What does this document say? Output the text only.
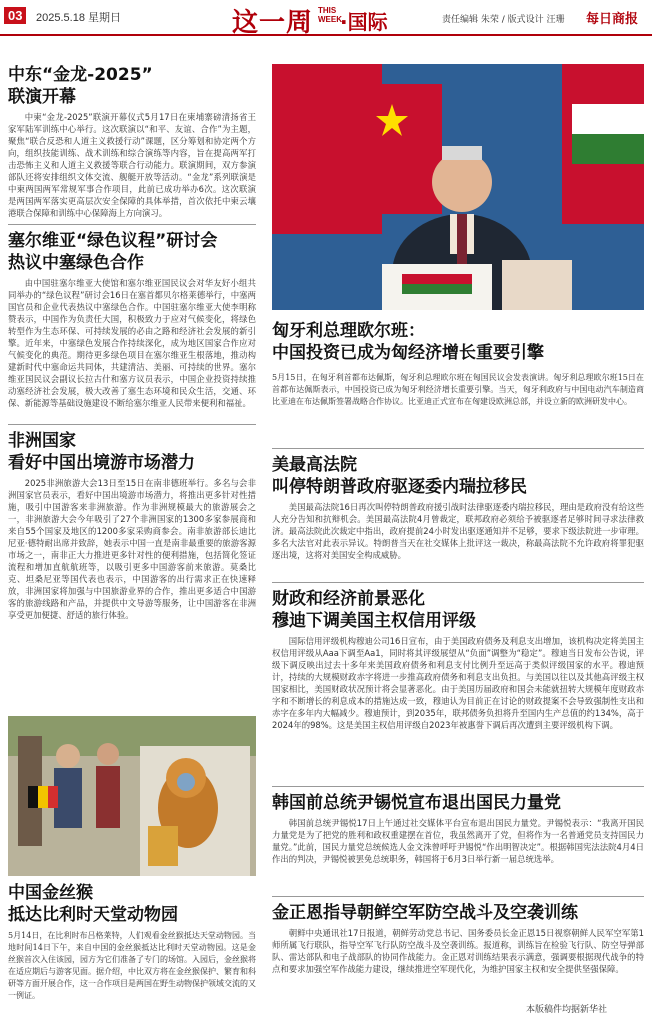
03	2025.5.18 星期日	这一周 THIS WEEK
·国际	责任编辑 朱荣 / 版式设计 汪珊 每日商报
中东“金龙-2025”
联演开幕

中柬“金龙-2025”联演开幕仪式5月17日在柬埔寨磅清扬省王家军陆军训练中心举行。这次联演以“和平、友谊、合作”为主题，聚焦“联合反恐和人道主义救援行动”课题，区分筹划和协定两个方向，组织技能训练、战术训练和综合演练等内容，旨在提高两军打击恐怖主义和人道主义救援等联合行动能力。联演期间，双方参演部队还将安排组织文体交流、舰艇开放等活动。“金龙”系列联演是中柬两国两军常规军事合作项目，此前已成功举办6次。这次联演是两国两军落实更高层次安全保障的具体举措，首次依托中柬云壤港联合保障和训练中心保障海上方向演习。

塞尔维亚“绿色议程”研讨会
热议中塞绿色合作

由中国驻塞尔维亚大使馆和塞尔维亚国民议会对华友好小组共同举办的“绿色议程”研讨会16日在塞首都贝尔格莱德举行，中塞两国官员和企业代表热议中塞绿色合作。中国驻塞尔维亚大使李明称赞表示，中国作为负责任大国，积极致力于应对气候变化，将绿色转型作为生态环保、可持续发展的必由之路和经济社会发展的新引擎。近年来，中塞绿色发展合作持续深化，成为地区国家合作应对气候变化的典范。期待更多绿色项目在塞尔维亚生根落地，推动构建新时代中塞命运共同体，共建清洁、美丽、可持续的世界。塞尔维亚国民议会副议长拉古什和塞方议员表示，中国企业投资持续推动塞经济社会发展，极大改善了塞生态环境和民众生活，交通、环保、新能源等基础设施建设不断给塞尔维亚人民带来便利和福祉。

非洲国家
看好中国出境游市场潜力

2025非洲旅游大会13日至15日在南非德班举行。多名与会非洲国家官员表示，看好中国出境游市场潜力，将推出更多针对性措施，吸引中国游客来非洲旅游。作为非洲规模最大的旅游展会之一，非洲旅游大会今年吸引了27个非洲国家的1300多家参展商和来自55个国家及地区的1200多家采购商参会。南非旅游部长迪比尼亚·德特耐出席并致辞，她表示中国一直是南非最重要的旅游客源市场之一，南非正大力推进更多针对性的便利措施，包括简化签证流程和增加直航航班等，以吸引更多中国游客前来旅游。莫桑比克、坦桑尼亚等国代表也表示，中国游客的出行需求正在快速释放，非洲国家将加强与中国旅游业界的合作，推出更多适合中国游客的旅游线路和产品，并提供中文导游等服务，让中国游客在非洲享受更加便捷、舒适的旅行体验。

中国金丝猴
抵达比利时天堂动物园

5月14日，在比利时布吕格莱特，人们观看金丝猴抵达天堂动物园。当地时间14日下午，来自中国的金丝猴抵达比利时天堂动物园。这是金丝猴首次入住该园，园方为它们准备了专门的场馆。入园后，金丝猴将在适应期后与游客见面。据介绍，中比双方将在金丝猴保护、繁育和科研等方面开展合作，这一合作项目是两国在野生动物保护领域交流的又一例证。

匈牙利总理欧尔班：
中国投资已成为匈经济增长重要引擎

5月15日，在匈牙利首都布达佩斯，匈牙利总理欧尔班在匈国民议会发表演讲。匈牙利总理欧尔班15日在首都布达佩斯表示，中国投资已成为匈牙利经济增长重要引擎。当天，匈牙利政府与中国电动汽车制造商比亚迪在布达佩斯签署战略合作协议。比亚迪正式宣布在匈建设欧洲总部，并设立新的欧洲研发中心。

美最高法院
叫停特朗普政府驱逐委内瑞拉移民

美国最高法院16日再次叫停特朗普政府援引战时法律驱逐委内瑞拉移民，理由是政府没有给这些人充分告知和抗辩机会。美国最高法院4月曾裁定，联邦政府必须给予被驱逐者足够时间寻求法律救济。最高法院此次裁定中指出，政府提前24小时发出驱逐通知并不足够，要求下级法院进一步审理。多名大法官对此表示异议。特朗普当天在社交媒体上批评这一裁决，称最高法院不允许政府将罪犯驱逐出境，这将对美国安全构成威胁。

财政和经济前景恶化
穆迪下调美国主权信用评级

国际信用评级机构穆迪公司16日宣布，由于美国政府债务及利息支出增加，该机构决定将美国主权信用评级从Aaa下调至Aa1，同时将其评级展望从“负面”调整为“稳定”。穆迪当日发布公告说，评级下调反映出过去十多年来美国政府债务和利息支付比例升至远高于类似评级国家的水平。穆迪预计，持续的大规模财政赤字将进一步推高政府债务和利息支出负担。与美国以往以及其他高评级主权国家相比，美国财政状况预计将会显著恶化。由于美国历届政府和国会未能就扭转大规模年度财政赤字和不断增长的利息成本的措施达成一致，穆迪认为目前正在讨论的财政提案不会导致强制性支出和赤字在多年内大幅减少。穆迪预计，到2035年，联邦债务负担将升至国内生产总值的约134%，高于2024年的98%。这是美国主权信用评级自2023年被惠誉下调后再次遭到主要评级机构下调。

韩国前总统尹锡悦宣布退出国民力量党

韩国前总统尹锡悦17日上午通过社交媒体平台宣布退出国民力量党。尹锡悦表示：“我离开国民力量党是为了把党的胜利和政权重建摆在首位，我虽然离开了党，但将作为一名普通党员支持国民力量党。”此前，国民力量党总统候选人金文洙曾呼吁尹锡悦“作出明智决定”。根据韩国宪法法院4月4日作出的判决，尹锡悦被罢免总统职务，韩国将于6月3日举行新一届总统选举。

金正恩指导朝鲜空军防空战斗及空袭训练

朝鲜中央通讯社17日报道，朝鲜劳动党总书记、国务委员长金正恩15日视察朝鲜人民军空军第1师所属飞行联队，指导空军飞行队防空战斗及空袭训练。报道称，训练旨在检验飞行队、防空导弹部队、雷达部队和电子战部队的协同作战能力。金正恩对训练结果表示满意，强调要根据现代战争的特点和要求加强空军作战能力建设，继续推进空军现代化，为维护国家主权和安全提供坚强保障。

本版稿件均据新华社
